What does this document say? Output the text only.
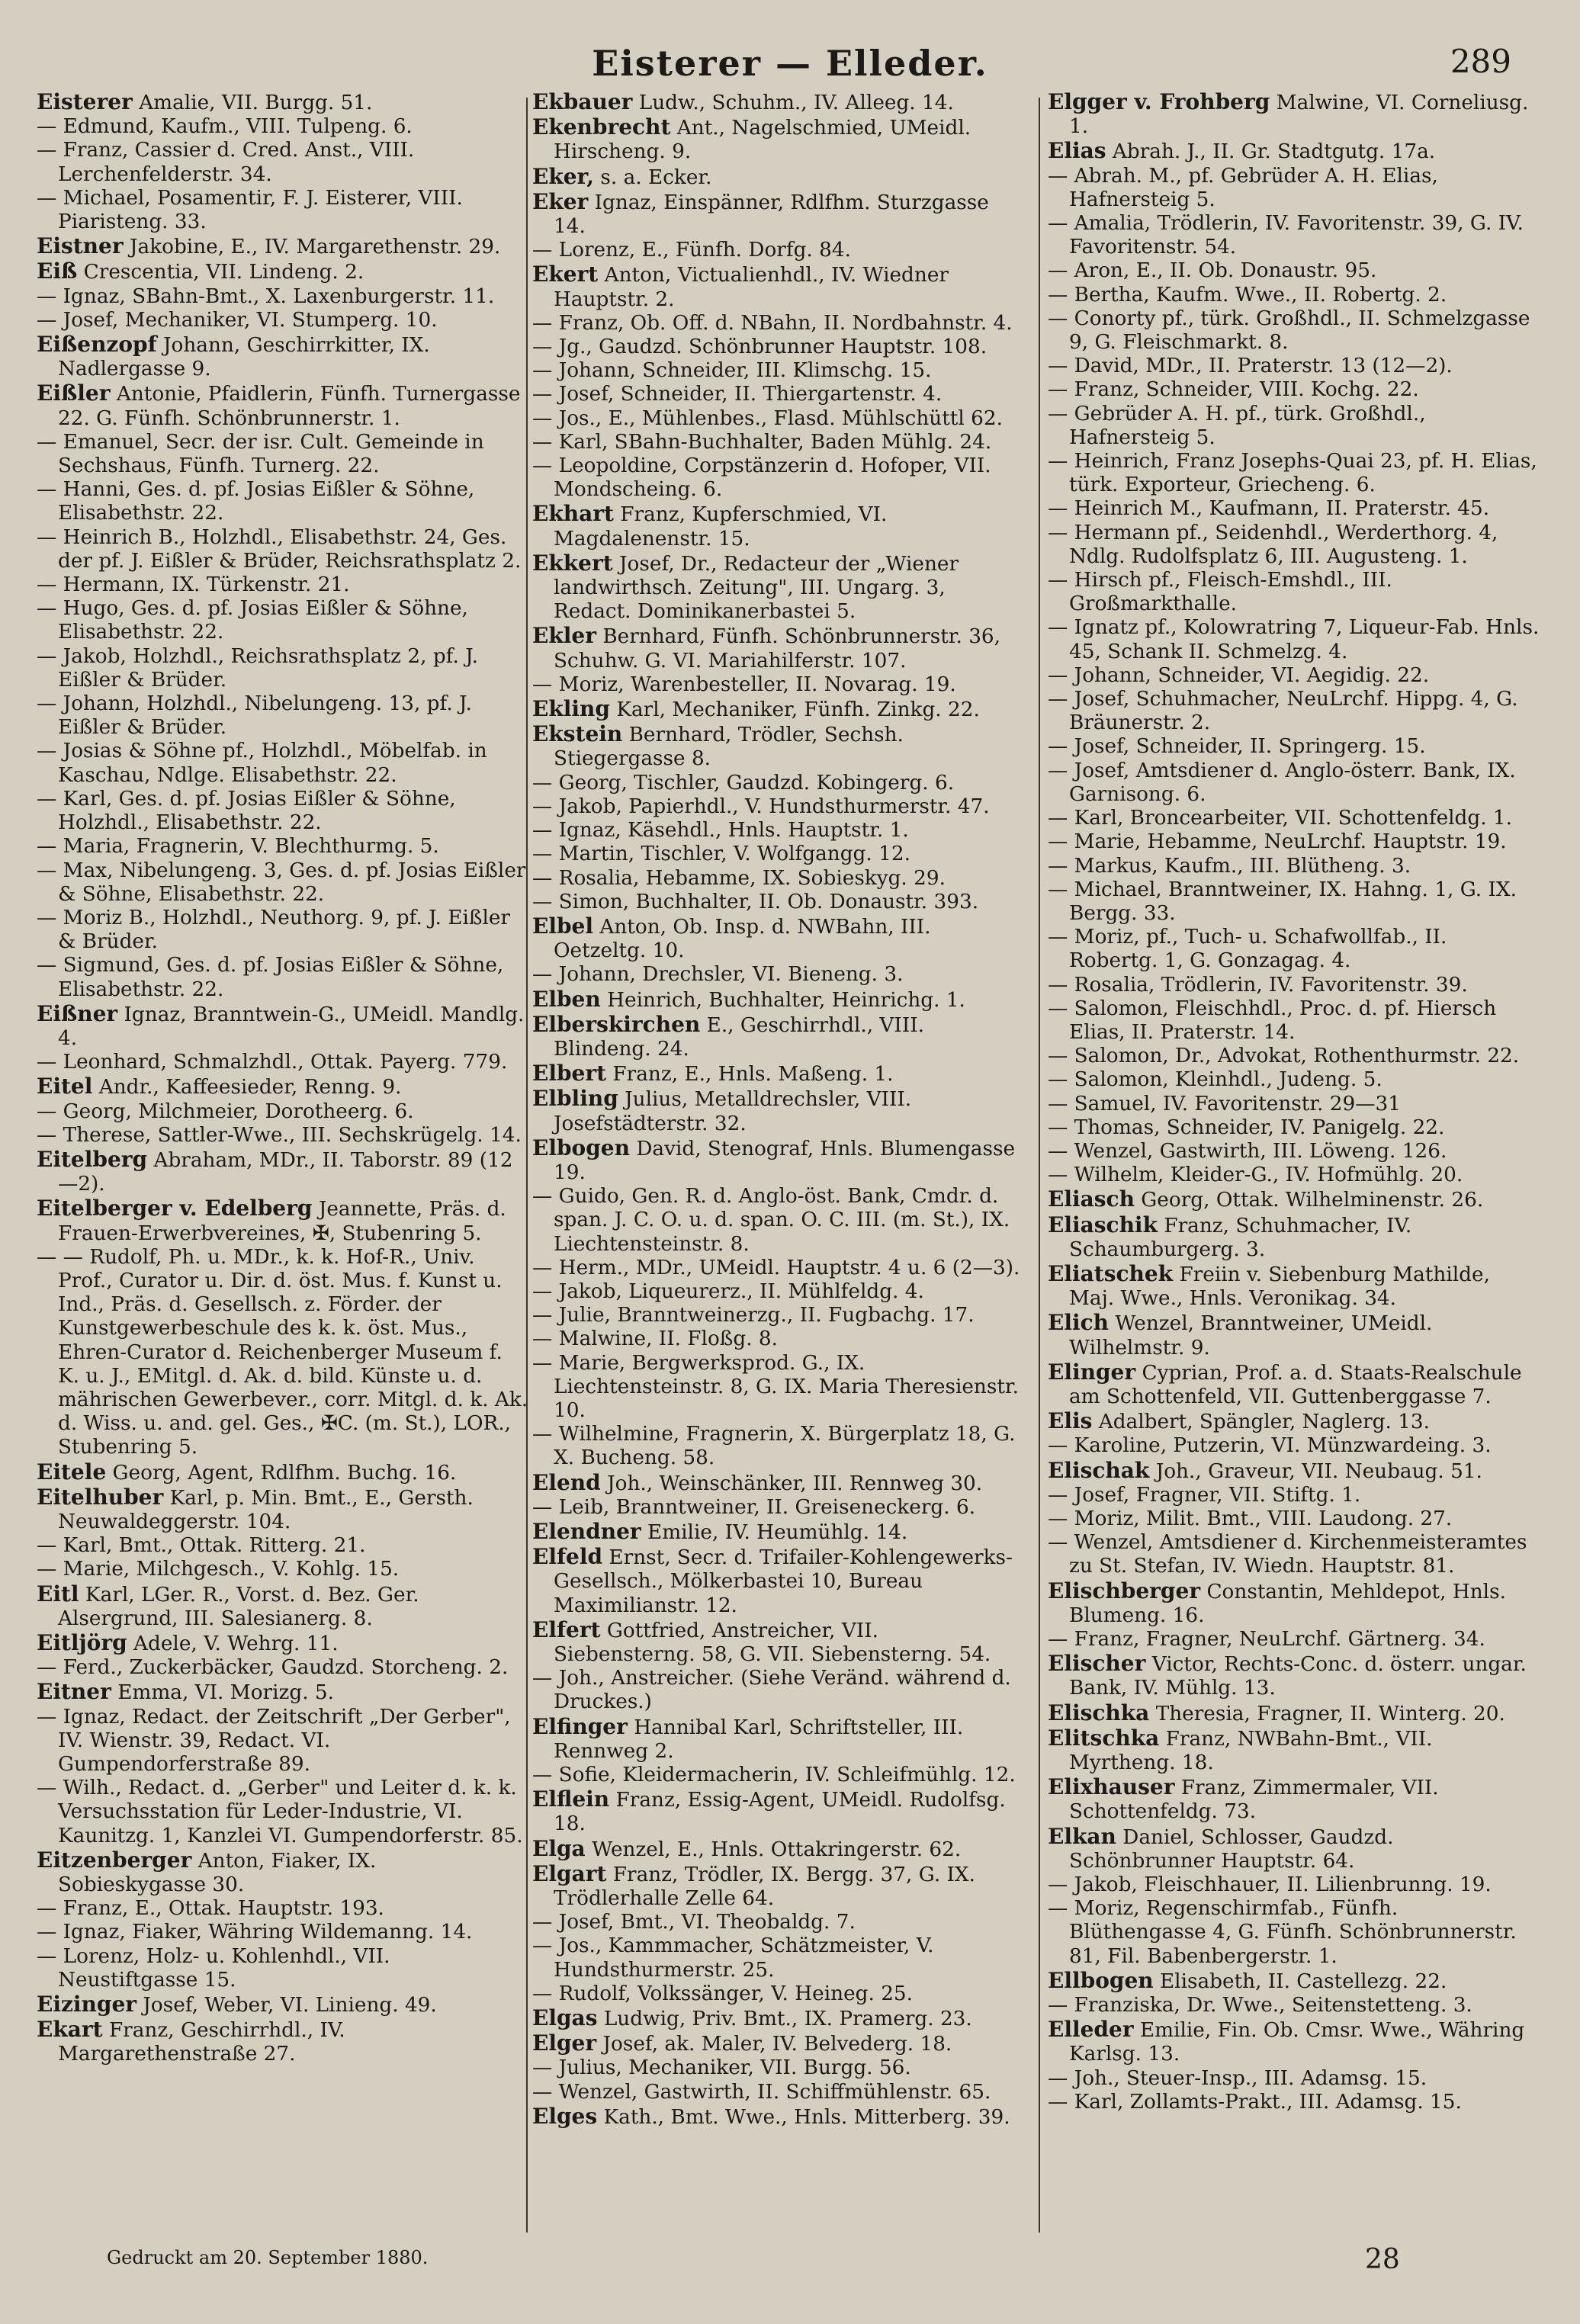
Eisterer — Elleder.	289

Eisterer Amalie, VII. Burgg. 51.

— Edmund, Kaufm., VIII. Tulpeng. 6.

— Franz, Cassier d. Cred. Anst., VIII. Lerchenfelderstr. 34.

— Michael, Posamentir, F. J. Eisterer, VIII. Piaristeng. 33.

Eistner Jakobine, E., IV. Margarethenstr. 29.

Eiß Crescentia, VII. Lindeng. 2.

— Ignaz, SBahn-Bmt., X. Laxenburgerstr. 11.

— Josef, Mechaniker, VI. Stumperg. 10.

Eißenzopf Johann, Geschirrkitter, IX. Nadlergasse 9.

Eißler Antonie, Pfaidlerin, Fünfh. Turnergasse 22. G. Fünfh. Schönbrunnerstr. 1.

— Emanuel, Secr. der isr. Cult. Gemeinde in Sechshaus, Fünfh. Turnerg. 22.

— Hanni, Ges. d. pf. Josias Eißler & Söhne, Elisabethstr. 22.

— Heinrich B., Holzhdl., Elisabethstr. 24, Ges. der pf. J. Eißler & Brüder, Reichsrathsplatz 2.

— Hermann, IX. Türkenstr. 21.

— Hugo, Ges. d. pf. Josias Eißler & Söhne, Elisabethstr. 22.

— Jakob, Holzhdl., Reichsrathsplatz 2, pf. J. Eißler & Brüder.

— Johann, Holzhdl., Nibelungeng. 13, pf. J. Eißler & Brüder.

— Josias & Söhne pf., Holzhdl., Möbelfab. in Kaschau, Ndlge. Elisabethstr. 22.

— Karl, Ges. d. pf. Josias Eißler & Söhne, Holzhdl., Elisabethstr. 22.

— Maria, Fragnerin, V. Blechthurmg. 5.

— Max, Nibelungeng. 3, Ges. d. pf. Josias Eißler & Söhne, Elisabethstr. 22.

— Moriz B., Holzhdl., Neuthorg. 9, pf. J. Eißler & Brüder.

— Sigmund, Ges. d. pf. Josias Eißler & Söhne, Elisabethstr. 22.

Eißner Ignaz, Branntwein-G., UMeidl. Mandlg. 4.

— Leonhard, Schmalzhdl., Ottak. Payerg. 779.

Eitel Andr., Kaffeesieder, Renng. 9.

— Georg, Milchmeier, Dorotheerg. 6.

— Therese, Sattler-Wwe., III. Sechskrügelg. 14.

Eitelberg Abraham, MDr., II. Taborstr. 89 (12—2).

Eitelberger v. Edelberg Jeannette, Präs. d. Frauen-Erwerbvereines, ✠, Stubenring 5.

— — Rudolf, Ph. u. MDr., k. k. Hof-R., Univ. Prof., Curator u. Dir. d. öst. Mus. f. Kunst u. Ind., Präs. d. Gesellsch. z. Förder. der Kunstgewerbeschule des k. k. öst. Mus., Ehren-Curator d. Reichenberger Museum f. K. u. J., EMitgl. d. Ak. d. bild. Künste u. d. mährischen Gewerbever., corr. Mitgl. d. k. Ak. d. Wiss. u. and. gel. Ges., ✠C. (m. St.), LOR., Stubenring 5.

Eitele Georg, Agent, Rdlfhm. Buchg. 16.

Eitelhuber Karl, p. Min. Bmt., E., Gersth. Neuwaldeggerstr. 104.

— Karl, Bmt., Ottak. Ritterg. 21.

— Marie, Milchgesch., V. Kohlg. 15.

Eitl Karl, LGer. R., Vorst. d. Bez. Ger. Alsergrund, III. Salesianerg. 8.

Eitljörg Adele, V. Wehrg. 11.

— Ferd., Zuckerbäcker, Gaudzd. Storcheng. 2.

Eitner Emma, VI. Morizg. 5.

— Ignaz, Redact. der Zeitschrift „Der Gerber", IV. Wienstr. 39, Redact. VI. Gumpendorferstraße 89.

— Wilh., Redact. d. „Gerber" und Leiter d. k. k. Versuchsstation für Leder-Industrie, VI. Kaunitzg. 1, Kanzlei VI. Gumpendorferstr. 85.

Eitzenberger Anton, Fiaker, IX. Sobieskygasse 30.

— Franz, E., Ottak. Hauptstr. 193.

— Ignaz, Fiaker, Währing Wildemanng. 14.

— Lorenz, Holz- u. Kohlenhdl., VII. Neustiftgasse 15.

Eizinger Josef, Weber, VI. Linieng. 49.

Ekart Franz, Geschirrhdl., IV. Margarethenstraße 27.

Ekbauer Ludw., Schuhm., IV. Alleeg. 14.

Ekenbrecht Ant., Nagelschmied, UMeidl. Hirscheng. 9.

Eker, s. a. Ecker.

Eker Ignaz, Einspänner, Rdlfhm. Sturzgasse 14.

— Lorenz, E., Fünfh. Dorfg. 84.

Ekert Anton, Victualienhdl., IV. Wiedner Hauptstr. 2.

— Franz, Ob. Off. d. NBahn, II. Nordbahnstr. 4.

— Jg., Gaudzd. Schönbrunner Hauptstr. 108.

— Johann, Schneider, III. Klimschg. 15.

— Josef, Schneider, II. Thiergartenstr. 4.

— Jos., E., Mühlenbes., Flasd. Mühlschüttl 62.

— Karl, SBahn-Buchhalter, Baden Mühlg. 24.

— Leopoldine, Corpstänzerin d. Hofoper, VII. Mondscheing. 6.

Ekhart Franz, Kupferschmied, VI. Magdalenenstr. 15.

Ekkert Josef, Dr., Redacteur der „Wiener landwirthsch. Zeitung", III. Ungarg. 3, Redact. Dominikanerbastei 5.

Ekler Bernhard, Fünfh. Schönbrunnerstr. 36, Schuhw. G. VI. Mariahilferstr. 107.

— Moriz, Warenbesteller, II. Novarag. 19.

Ekling Karl, Mechaniker, Fünfh. Zinkg. 22.

Ekstein Bernhard, Trödler, Sechsh. Stiegergasse 8.

— Georg, Tischler, Gaudzd. Kobingerg. 6.

— Jakob, Papierhdl., V. Hundsthurmerstr. 47.

— Ignaz, Käsehdl., Hnls. Hauptstr. 1.

— Martin, Tischler, V. Wolfgangg. 12.

— Rosalia, Hebamme, IX. Sobieskyg. 29.

— Simon, Buchhalter, II. Ob. Donaustr. 393.

Elbel Anton, Ob. Insp. d. NWBahn, III. Oetzeltg. 10.

— Johann, Drechsler, VI. Bieneng. 3.

Elben Heinrich, Buchhalter, Heinrichg. 1.

Elberskirchen E., Geschirrhdl., VIII. Blindeng. 24.

Elbert Franz, E., Hnls. Maßeng. 1.

Elbling Julius, Metalldrechsler, VIII. Josefstädterstr. 32.

Elbogen David, Stenograf, Hnls. Blumengasse 19.

— Guido, Gen. R. d. Anglo-öst. Bank, Cmdr. d. span. J. C. O. u. d. span. O. C. III. (m. St.), IX. Liechtensteinstr. 8.

— Herm., MDr., UMeidl. Hauptstr. 4 u. 6 (2—3).

— Jakob, Liqueurerz., II. Mühlfeldg. 4.

— Julie, Branntweinerzg., II. Fugbachg. 17.

— Malwine, II. Floßg. 8.

— Marie, Bergwerksprod. G., IX. Liechtensteinstr. 8, G. IX. Maria Theresienstr. 10.

— Wilhelmine, Fragnerin, X. Bürgerplatz 18, G. X. Bucheng. 58.

Elend Joh., Weinschänker, III. Rennweg 30.

— Leib, Branntweiner, II. Greiseneckerg. 6.

Elendner Emilie, IV. Heumühlg. 14.

Elfeld Ernst, Secr. d. Trifailer-Kohlengewerks-Gesellsch., Mölkerbastei 10, Bureau Maximilianstr. 12.

Elfert Gottfried, Anstreicher, VII. Siebensterng. 58, G. VII. Siebensterng. 54.

— Joh., Anstreicher. (Siehe Veränd. während d. Druckes.)

Elfinger Hannibal Karl, Schriftsteller, III. Rennweg 2.

— Sofie, Kleidermacherin, IV. Schleifmühlg. 12.

Elflein Franz, Essig-Agent, UMeidl. Rudolfsg. 18.

Elga Wenzel, E., Hnls. Ottakringerstr. 62.

Elgart Franz, Trödler, IX. Bergg. 37, G. IX. Trödlerhalle Zelle 64.

— Josef, Bmt., VI. Theobaldg. 7.

— Jos., Kammmacher, Schätzmeister, V. Hundsthurmerstr. 25.

— Rudolf, Volkssänger, V. Heineg. 25.

Elgas Ludwig, Priv. Bmt., IX. Pramerg. 23.

Elger Josef, ak. Maler, IV. Belvederg. 18.

— Julius, Mechaniker, VII. Burgg. 56.

— Wenzel, Gastwirth, II. Schiffmühlenstr. 65.

Elges Kath., Bmt. Wwe., Hnls. Mitterberg. 39.

Elgger v. Frohberg Malwine, VI. Corneliusg. 1.

Elias Abrah. J., II. Gr. Stadtgutg. 17a.

— Abrah. M., pf. Gebrüder A. H. Elias, Hafnersteig 5.

— Amalia, Trödlerin, IV. Favoritenstr. 39, G. IV. Favoritenstr. 54.

— Aron, E., II. Ob. Donaustr. 95.

— Bertha, Kaufm. Wwe., II. Robertg. 2.

— Conorty pf., türk. Großhdl., II. Schmelzgasse 9, G. Fleischmarkt. 8.

— David, MDr., II. Praterstr. 13 (12—2).

— Franz, Schneider, VIII. Kochg. 22.

— Gebrüder A. H. pf., türk. Großhdl., Hafnersteig 5.

— Heinrich, Franz Josephs-Quai 23, pf. H. Elias, türk. Exporteur, Griecheng. 6.

— Heinrich M., Kaufmann, II. Praterstr. 45.

— Hermann pf., Seidenhdl., Werderthorg. 4, Ndlg. Rudolfsplatz 6, III. Augusteng. 1.

— Hirsch pf., Fleisch-Emshdl., III. Großmarkthalle.

— Ignatz pf., Kolowratring 7, Liqueur-Fab. Hnls. 45, Schank II. Schmelzg. 4.

— Johann, Schneider, VI. Aegidig. 22.

— Josef, Schuhmacher, NeuLrchf. Hippg. 4, G. Bräunerstr. 2.

— Josef, Schneider, II. Springerg. 15.

— Josef, Amtsdiener d. Anglo-österr. Bank, IX. Garnisong. 6.

— Karl, Broncearbeiter, VII. Schottenfeldg. 1.

— Marie, Hebamme, NeuLrchf. Hauptstr. 19.

— Markus, Kaufm., III. Blütheng. 3.

— Michael, Branntweiner, IX. Hahng. 1, G. IX. Bergg. 33.

— Moriz, pf., Tuch- u. Schafwollfab., II. Robertg. 1, G. Gonzagag. 4.

— Rosalia, Trödlerin, IV. Favoritenstr. 39.

— Salomon, Fleischhdl., Proc. d. pf. Hiersch Elias, II. Praterstr. 14.

— Salomon, Dr., Advokat, Rothenthurmstr. 22.

— Salomon, Kleinhdl., Judeng. 5.

— Samuel, IV. Favoritenstr. 29—31

— Thomas, Schneider, IV. Panigelg. 22.

— Wenzel, Gastwirth, III. Löweng. 126.

— Wilhelm, Kleider-G., IV. Hofmühlg. 20.

Eliasch Georg, Ottak. Wilhelminenstr. 26.

Eliaschik Franz, Schuhmacher, IV. Schaumburgerg. 3.

Eliatschek Freiin v. Siebenburg Mathilde, Maj. Wwe., Hnls. Veronikag. 34.

Elich Wenzel, Branntweiner, UMeidl. Wilhelmstr. 9.

Elinger Cyprian, Prof. a. d. Staats-Realschule am Schottenfeld, VII. Guttenberggasse 7.

Elis Adalbert, Spängler, Naglerg. 13.

— Karoline, Putzerin, VI. Münzwardeing. 3.

Elischak Joh., Graveur, VII. Neubaug. 51.

— Josef, Fragner, VII. Stiftg. 1.

— Moriz, Milit. Bmt., VIII. Laudong. 27.

— Wenzel, Amtsdiener d. Kirchenmeisteramtes zu St. Stefan, IV. Wiedn. Hauptstr. 81.

Elischberger Constantin, Mehldepot, Hnls. Blumeng. 16.

— Franz, Fragner, NeuLrchf. Gärtnerg. 34.

Elischer Victor, Rechts-Conc. d. österr. ungar. Bank, IV. Mühlg. 13.

Elischka Theresia, Fragner, II. Winterg. 20.

Elitschka Franz, NWBahn-Bmt., VII. Myrtheng. 18.

Elixhauser Franz, Zimmermaler, VII. Schottenfeldg. 73.

Elkan Daniel, Schlosser, Gaudzd. Schönbrunner Hauptstr. 64.

— Jakob, Fleischhauer, II. Lilienbrunng. 19.

— Moriz, Regenschirmfab., Fünfh. Blüthengasse 4, G. Fünfh. Schönbrunnerstr. 81, Fil. Babenbergerstr. 1.

Ellbogen Elisabeth, II. Castellezg. 22.

— Franziska, Dr. Wwe., Seitenstetteng. 3.

Elleder Emilie, Fin. Ob. Cmsr. Wwe., Währing Karlsg. 13.

— Joh., Steuer-Insp., III. Adamsg. 15.

— Karl, Zollamts-Prakt., III. Adamsg. 15.

Gedruckt am 20. September 1880.	28
